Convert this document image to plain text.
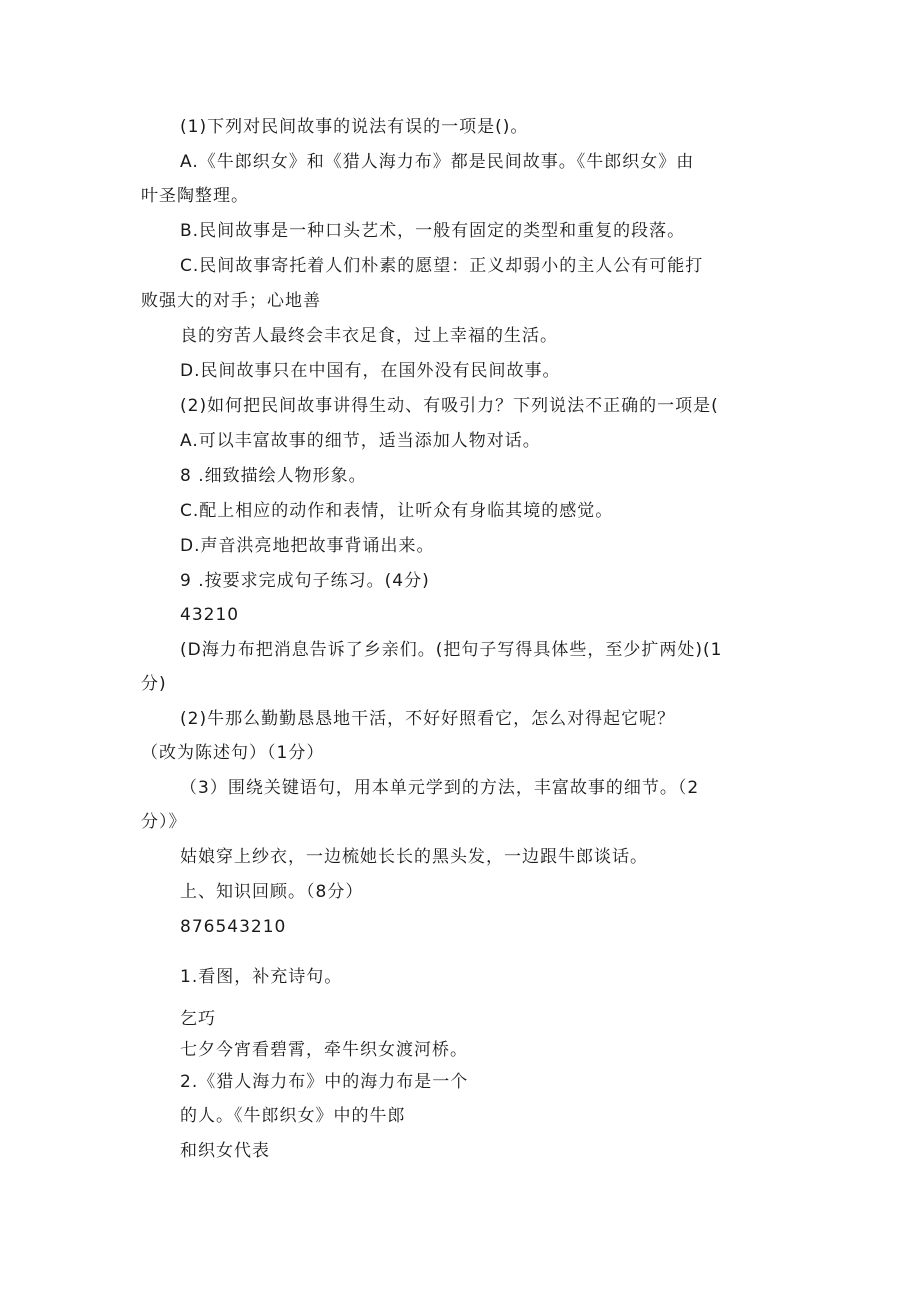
(1)下列对民间故事的说法有误的一项是()。
A.《牛郎织女》和《猎人海力布》都是民间故事。《牛郎织女》由
叶圣陶整理。
B.民间故事是一种口头艺术，一般有固定的类型和重复的段落。
C.民间故事寄托着人们朴素的愿望：正义却弱小的主人公有可能打
败强大的对手；心地善
良的穷苦人最终会丰衣足食，过上幸福的生活。
D.民间故事只在中国有，在国外没有民间故事。
(2)如何把民间故事讲得生动、有吸引力？下列说法不正确的一项是(
A.可以丰富故事的细节，适当添加人物对话。
8 .细致描绘人物形象。
C.配上相应的动作和表情，让听众有身临其境的感觉。
D.声音洪亮地把故事背诵出来。
9 .按要求完成句子练习。(4分)
43210
(D海力布把消息告诉了乡亲们。(把句子写得具体些，至少扩两处)(1
分)
(2)牛那么勤勤恳恳地干活，不好好照看它，怎么对得起它呢？
（改为陈述句）（1分）
（3）围绕关键语句，用本单元学到的方法，丰富故事的细节。（2
分）》
姑娘穿上纱衣，一边梳她长长的黑头发，一边跟牛郎谈话。
上、知识回顾。（8分）
876543210
1.看图，补充诗句。
乞巧
七夕今宵看碧霄，牵牛织女渡河桥。
2.《猎人海力布》中的海力布是一个
的人。《牛郎织女》中的牛郎
和织女代表
